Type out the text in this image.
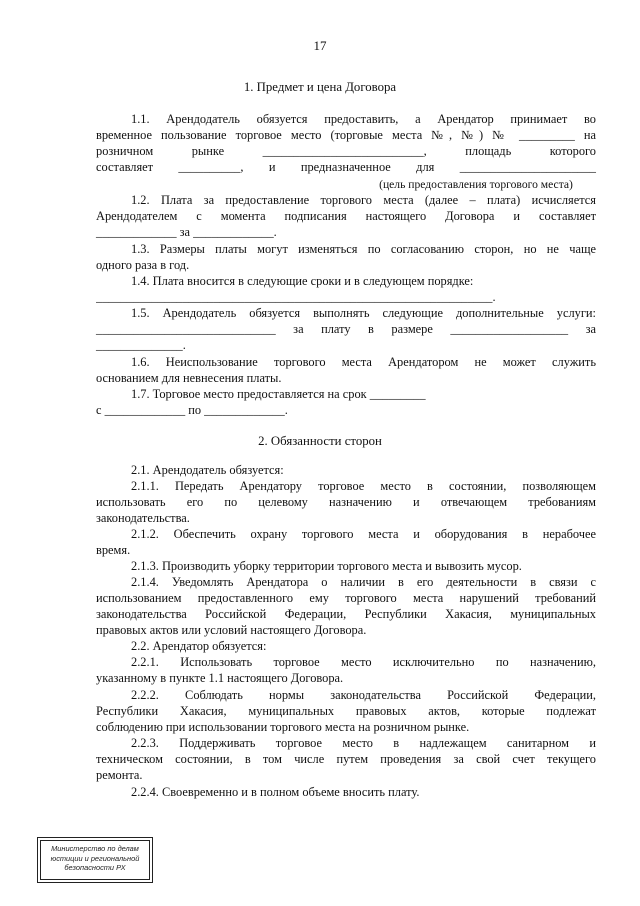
17
1. Предмет и цена Договора
1.1. Арендодатель обязуется предоставить, а Арендатор принимает во
временное пользование торговое место (торговые места №, №) № _________ на
розничном рынке __________________________, площадь которого
составляет __________, и предназначенное для ______________________
(цель предоставления торгового места)
1.2. Плата за предоставление торгового места (далее – плата) исчисляется
Арендодателем с момента подписания настоящего Договора и составляет
_____________ за _____________.
1.3. Размеры платы могут изменяться по согласованию сторон, но не чаще
одного раза в год.
1.4. Плата вносится в следующие сроки и в следующем порядке:
________________________________________________________________.
1.5. Арендодатель обязуется выполнять следующие дополнительные услуги:
_____________________________ за плату в размере ___________________ за
______________.
1.6. Неиспользование торгового места Арендатором не может служить
основанием для невнесения платы.
1.7. Торговое место предоставляется на срок _________
с _____________ по _____________.
2. Обязанности сторон
2.1. Арендодатель обязуется:
2.1.1. Передать Арендатору торговое место в состоянии, позволяющем
использовать его по целевому назначению и отвечающем требованиям
законодательства.
2.1.2. Обеспечить охрану торгового места и оборудования в нерабочее
время.
2.1.3. Производить уборку территории торгового места и вывозить мусор.
2.1.4. Уведомлять Арендатора о наличии в его деятельности в связи с
использованием предоставленного ему торгового места нарушений требований
законодательства Российской Федерации, Республики Хакасия, муниципальных
правовых актов или условий настоящего Договора.
2.2. Арендатор обязуется:
2.2.1. Использовать торговое место исключительно по назначению,
указанному в пункте 1.1 настоящего Договора.
2.2.2. Соблюдать нормы законодательства Российской Федерации,
Республики Хакасия, муниципальных правовых актов, которые подлежат
соблюдению при использовании торгового места на розничном рынке.
2.2.3. Поддерживать торговое место в надлежащем санитарном и
техническом состоянии, в том числе путем проведения за свой счет текущего
ремонта.
2.2.4. Своевременно и в полном объеме вносить плату.
Министерство по делам
юстиции и региональной
безопасности РХ
